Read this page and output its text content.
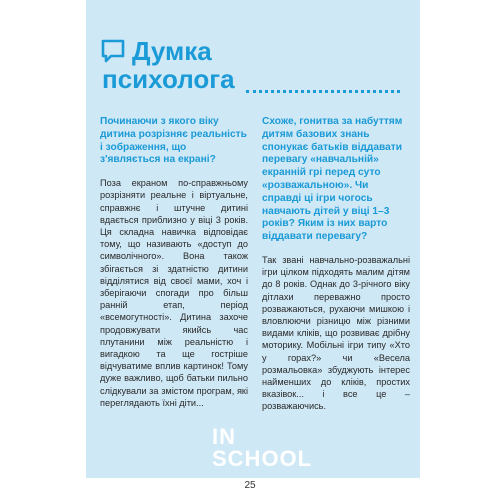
Думка
психолога

Починаючи з якого віку дитина розрізняє реальність і зображення, що з'являється на екрані?

Поза екраном по-справжньому розрізняти реальне і віртуальне, справжнє і штучне дитині вдається приблизно у віці 3 років. Ця складна навичка відповідає тому, що називають «доступ до символічного». Вона також збігається зі здатністю дитини відділятися від своєї мами, хоч і зберігаючи спогади про більш ранній етап, період «всемогутності». Дитина захоче продовжувати якийсь час плутанини між реальністю і вигадкою та ще гостріше відчуватиме вплив картинок! Тому дуже важливо, щоб батьки пильно слідкували за змістом програм, які переглядають їхні діти...

Схоже, гонитва за набуттям дитям базових знань спонукає батьків віддавати перевагу «навчальній» екранній грі перед суто «розважальною». Чи справді ці ігри чогось навчають дітей у віці 1–3 років? Яким із них варто віддавати перевагу?

Так звані навчально-розважальні ігри цілком підходять малим дітям до 8 років. Однак до 3-річного віку дітлахи переважно просто розважаються, рухаючи мишкою і вловлюючи різницю між різними видами кліків, що розвиває дрібну моторику. Мобільні ігри типу «Хто у горах?» чи «Весела розмальовка» збуджують інтерес найменших до кліків, простих вказівок... і все це – розважаючись.

IN
SCHOOL
25
